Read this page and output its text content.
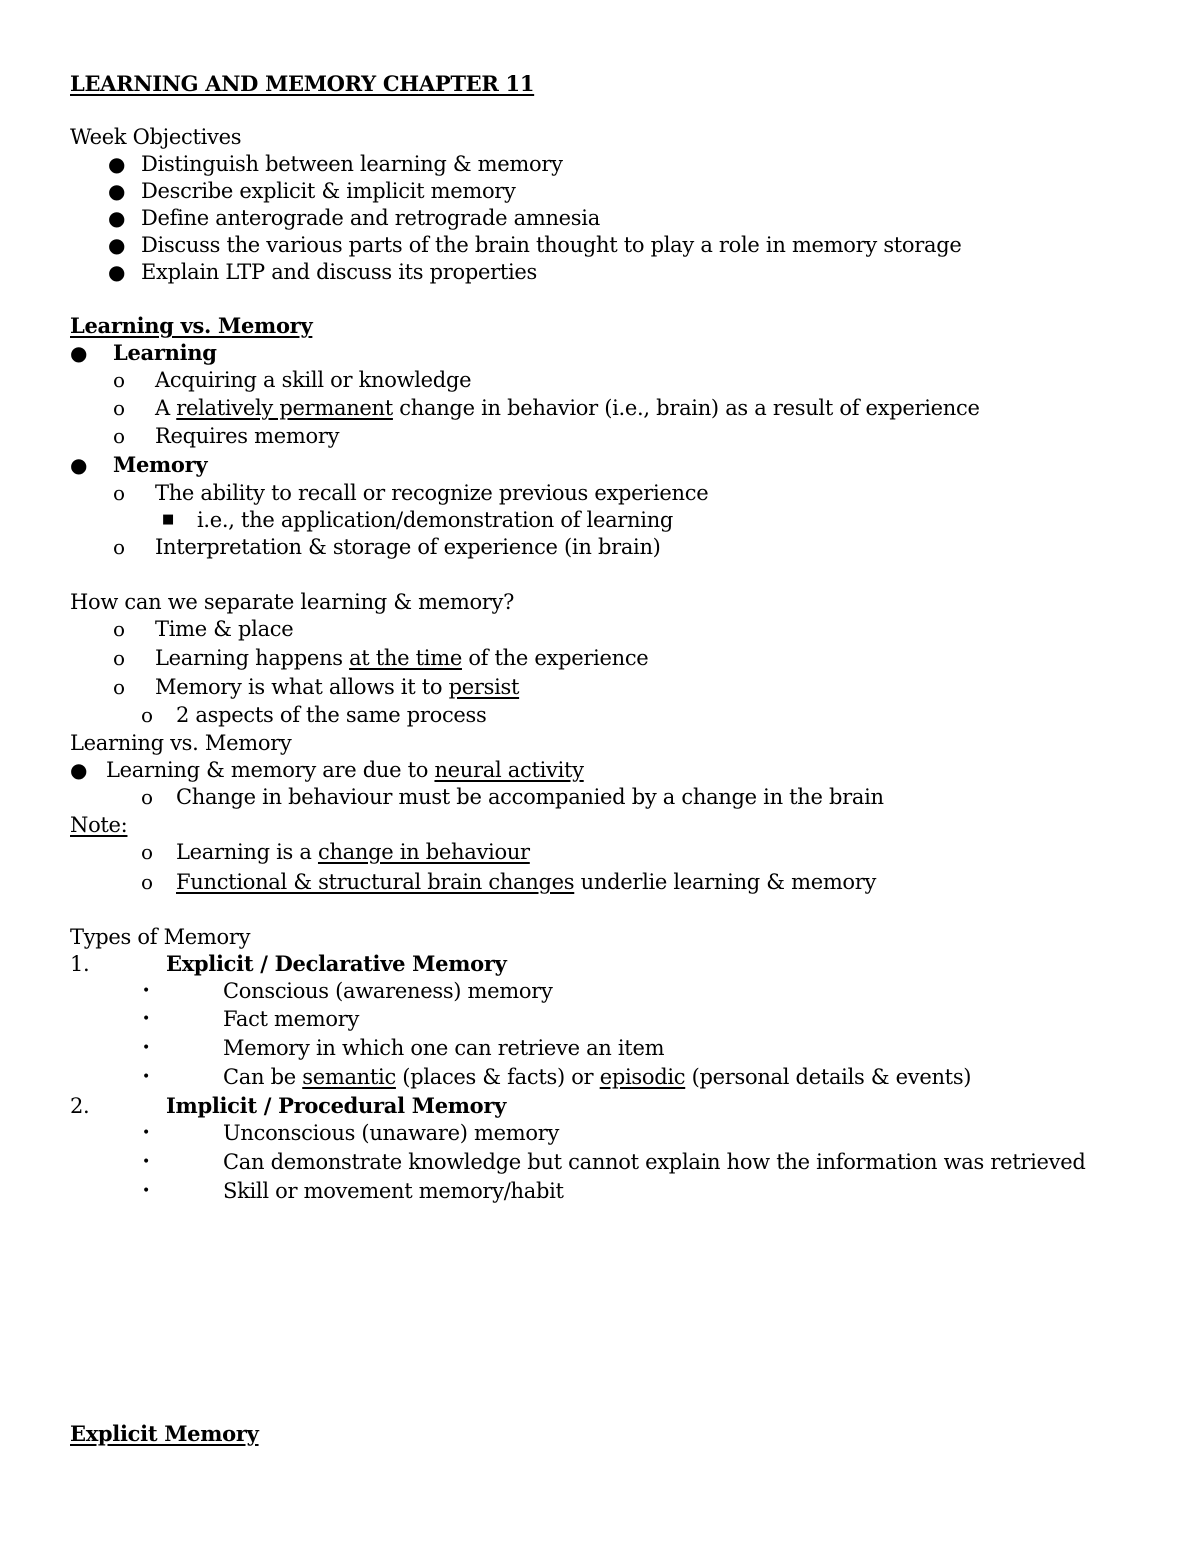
LEARNING AND MEMORY CHAPTER 11
Week Objectives
● Distinguish between learning & memory
● Describe explicit & implicit memory
● Define anterograde and retrograde amnesia
● Discuss the various parts of the brain thought to play a role in memory storage
● Explain LTP and discuss its properties
Learning vs. Memory
● Learning
o Acquiring a skill or knowledge
o A relatively permanent change in behavior (i.e., brain) as a result of experience
o Requires memory
● Memory
o The ability to recall or recognize previous experience
■ i.e., the application/demonstration of learning
o Interpretation & storage of experience (in brain)
How can we separate learning & memory?
o Time & place
o Learning happens at the time of the experience
o Memory is what allows it to persist
o 2 aspects of the same process
Learning vs. Memory
● Learning & memory are due to neural activity
o Change in behaviour must be accompanied by a change in the brain
Note:
o Learning is a change in behaviour
o Functional & structural brain changes underlie learning & memory
Types of Memory
1.	Explicit / Declarative Memory
•	Conscious (awareness) memory
•	Fact memory
•	Memory in which one can retrieve an item
•	Can be semantic (places & facts) or episodic (personal details & events)
2.	Implicit / Procedural Memory
•	Unconscious (unaware) memory
•	Can demonstrate knowledge but cannot explain how the information was retrieved
•	Skill or movement memory/habit
Explicit Memory
